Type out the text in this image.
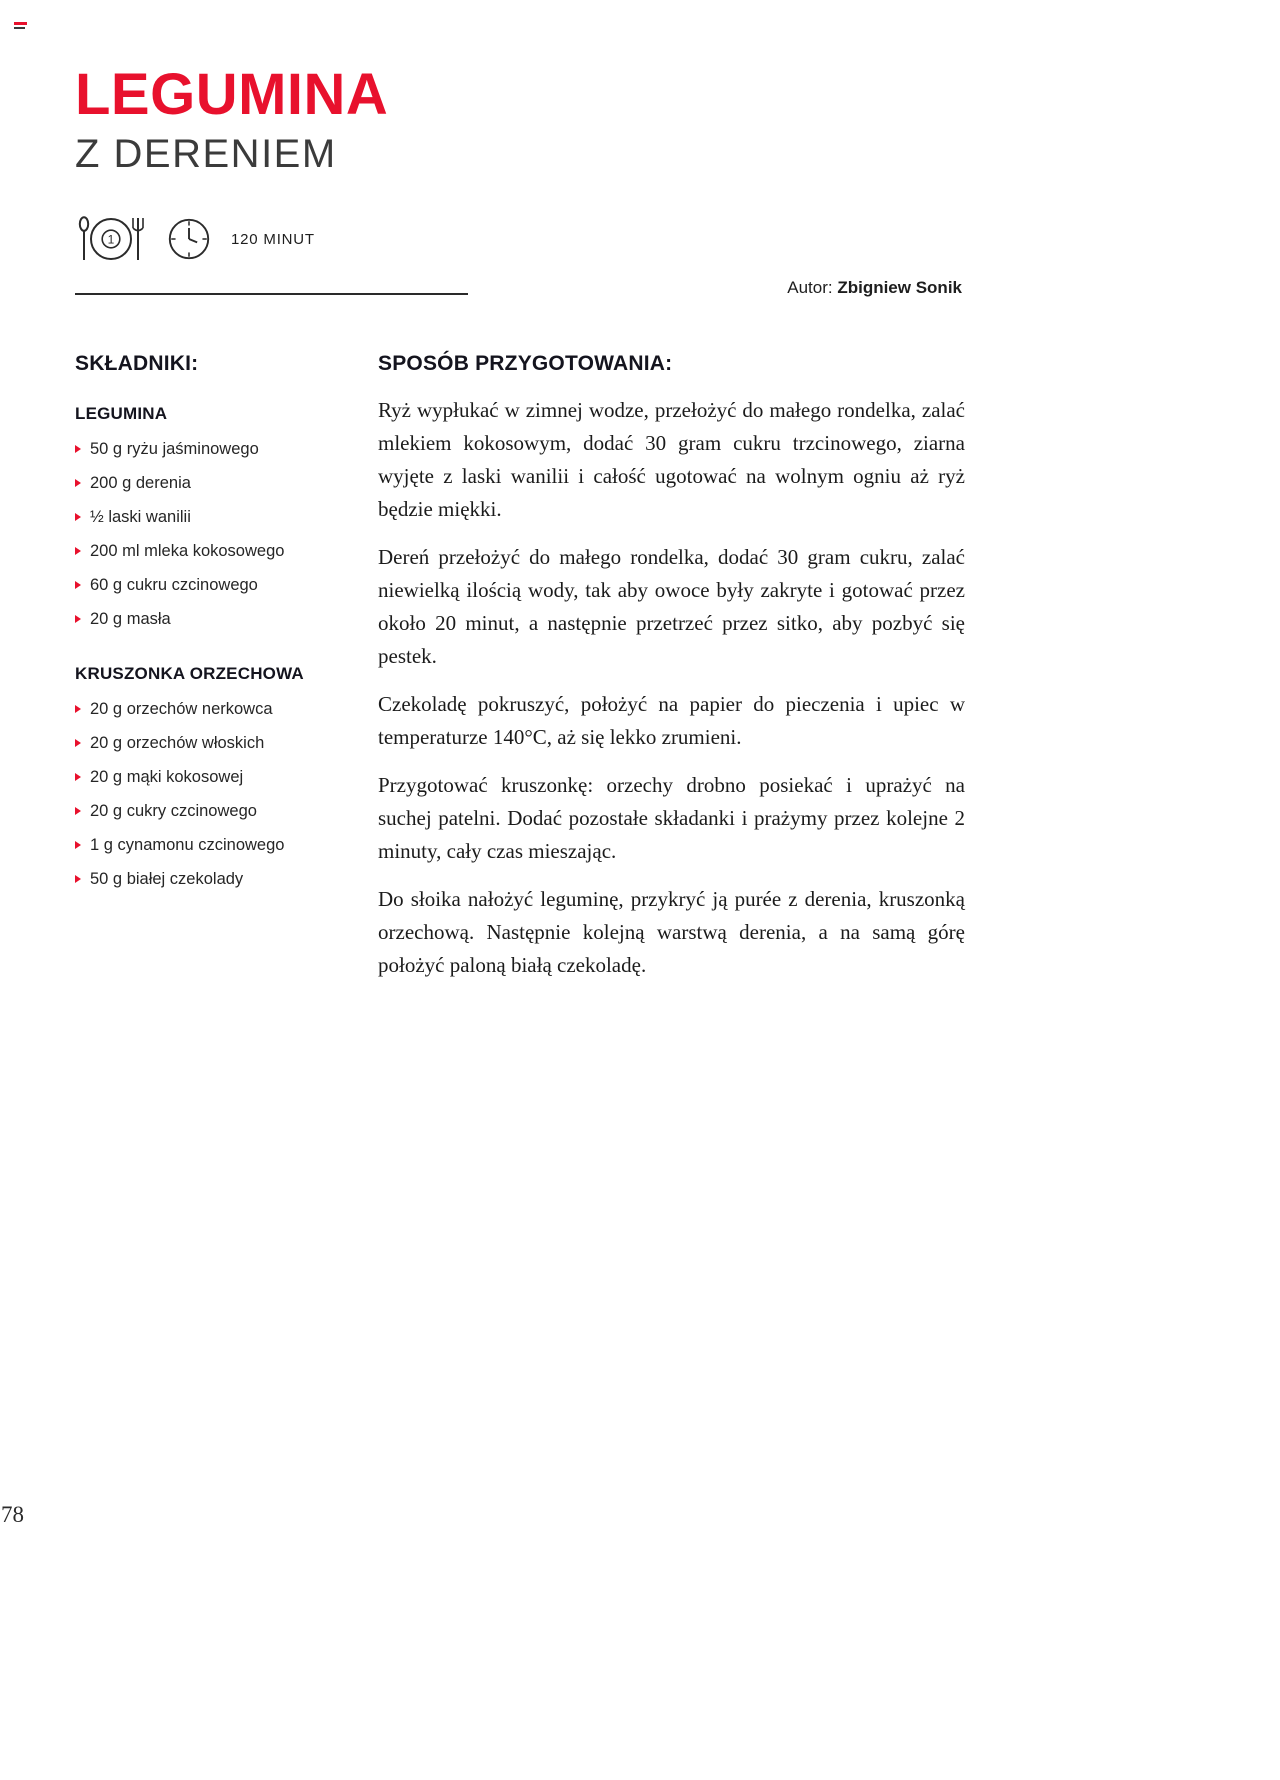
LEGUMINA
Z DERENIEM
1	120 MINUT
Autor: Zbigniew Sonik
SKŁADNIKI:
LEGUMINA
50 g ryżu jaśminowego
200 g derenia
½ laski wanilii
200 ml mleka kokosowego
60 g cukru czcinowego
20 g masła
KRUSZONKA ORZECHOWA
20 g orzechów nerkowca
20 g orzechów włoskich
20 g mąki kokosowej
20 g cukry czcinowego
1 g cynamonu czcinowego
50 g białej czekolady
SPOSÓB PRZYGOTOWANIA:

Ryż wypłukać w zimnej wodze, przełożyć do małego rondelka, zalać mlekiem kokosowym, dodać 30 gram cukru trzcinowego, ziarna wyjęte z laski wanilii i całość ugotować na wolnym ogniu aż ryż będzie miękki.

Dereń przełożyć do małego rondelka, dodać 30 gram cukru, zalać niewielką ilością wody, tak aby owoce były zakryte i gotować przez około 20 minut, a następnie przetrzeć przez sitko, aby pozbyć się pestek.

Czekoladę pokruszyć, położyć na papier do pieczenia i upiec w temperaturze 140°C, aż się lekko zrumieni.

Przygotować kruszonkę: orzechy drobno posiekać i uprażyć na suchej patelni. Dodać pozostałe składanki i prażymy przez kolejne 2 minuty, cały czas mieszając.

Do słoika nałożyć leguminę, przykryć ją purée z derenia, kruszonką orzechową. Następnie kolejną warstwą derenia, a na samą górę położyć paloną białą czekoladę.

78
